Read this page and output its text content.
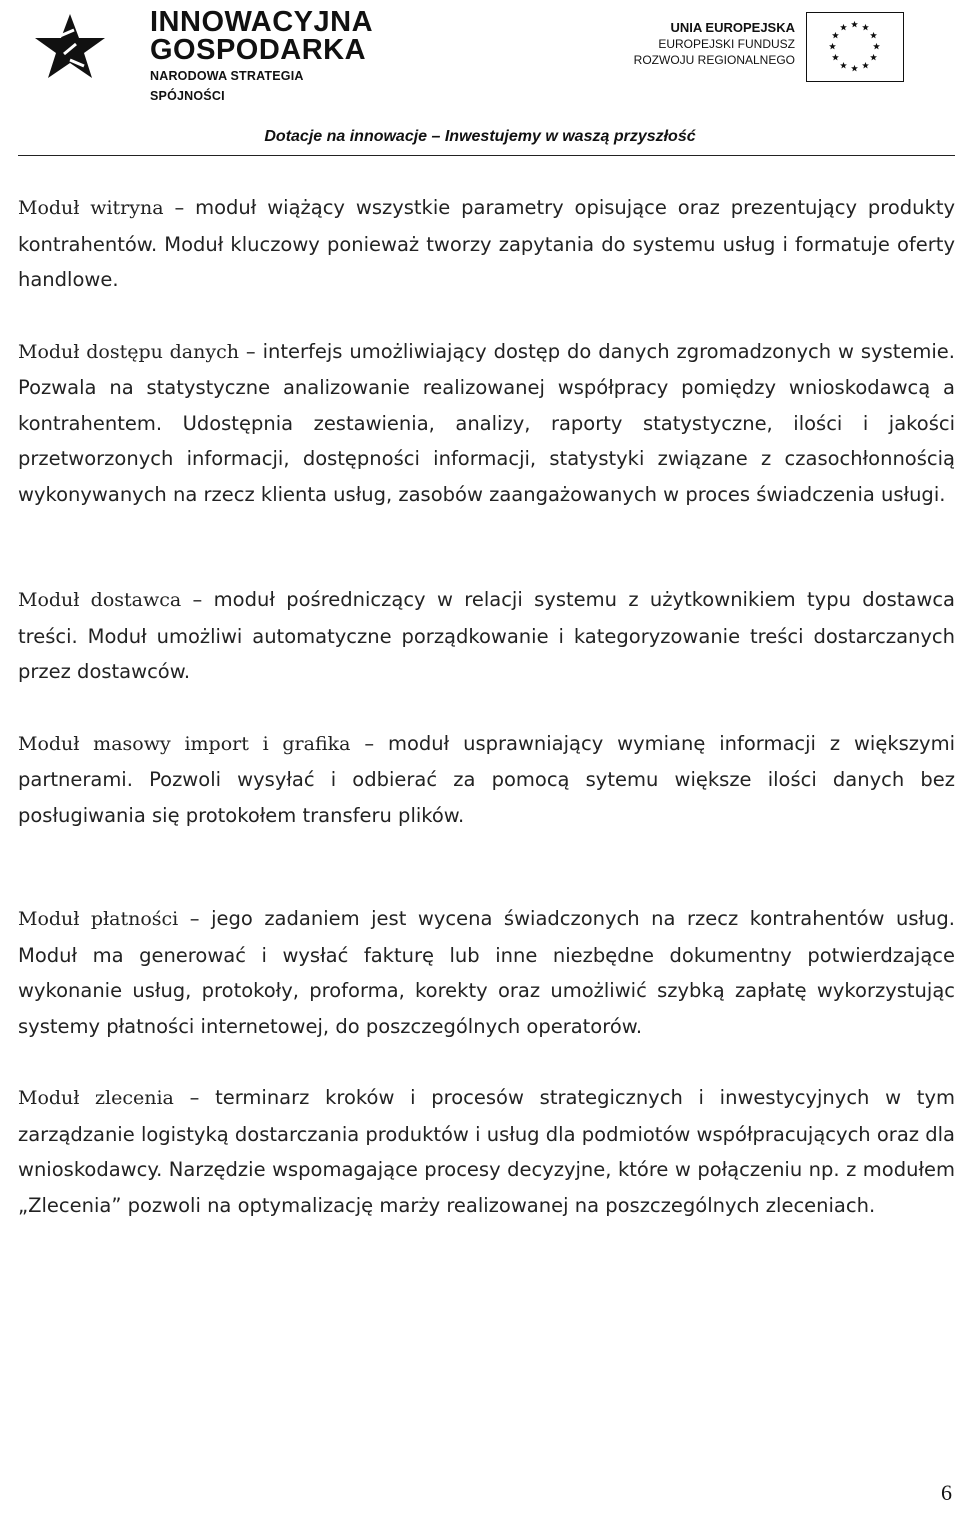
INNOWACYJNA
GOSPODARKA
NARODOWA STRATEGIA SPÓJNOŚCI
UNIA EUROPEJSKA
EUROPEJSKI FUNDUSZ
ROZWOJU REGIONALNEGO
Dotacje na innowacje – Inwestujemy w waszą przyszłość

Moduł witryna – moduł wiążący wszystkie parametry opisujące oraz prezentujący produkty kontrahentów. Moduł kluczowy ponieważ tworzy zapytania do systemu usług i formatuje oferty handlowe.

Moduł dostępu danych – interfejs umożliwiający dostęp do danych zgromadzonych w systemie. Pozwala na statystyczne analizowanie realizowanej współpracy pomiędzy wnioskodawcą a kontrahentem. Udostępnia zestawienia, analizy, raporty statystyczne, ilości i jakości przetworzonych informacji, dostępności informacji, statystyki związane z czasochłonnością wykonywanych na rzecz klienta usług, zasobów zaangażowanych w proces świadczenia usługi.

Moduł dostawca – moduł pośredniczący w relacji systemu z użytkownikiem typu dostawca treści. Moduł umożliwi automatyczne porządkowanie i kategoryzowanie treści dostarczanych przez dostawców.

Moduł masowy import i grafika – moduł usprawniający wymianę informacji z większymi partnerami. Pozwoli wysyłać i odbierać za pomocą sytemu większe ilości danych bez posługiwania się protokołem transferu plików.

Moduł płatności – jego zadaniem jest wycena świadczonych na rzecz kontrahentów usług. Moduł ma generować i wysłać fakturę lub inne niezbędne dokumentny potwierdzające wykonanie usług, protokoły, proforma, korekty oraz umożliwić szybką zapłatę wykorzystując systemy płatności internetowej, do poszczególnych operatorów.

Moduł zlecenia – terminarz kroków i procesów strategicznych i inwestycyjnych w tym zarządzanie logistyką dostarczania produktów i usług dla podmiotów współpracujących oraz dla wnioskodawcy. Narzędzie wspomagające procesy decyzyjne, które w połączeniu np. z modułem „Zlecenia” pozwoli na optymalizację marży realizowanej na poszczególnych zleceniach.

6
